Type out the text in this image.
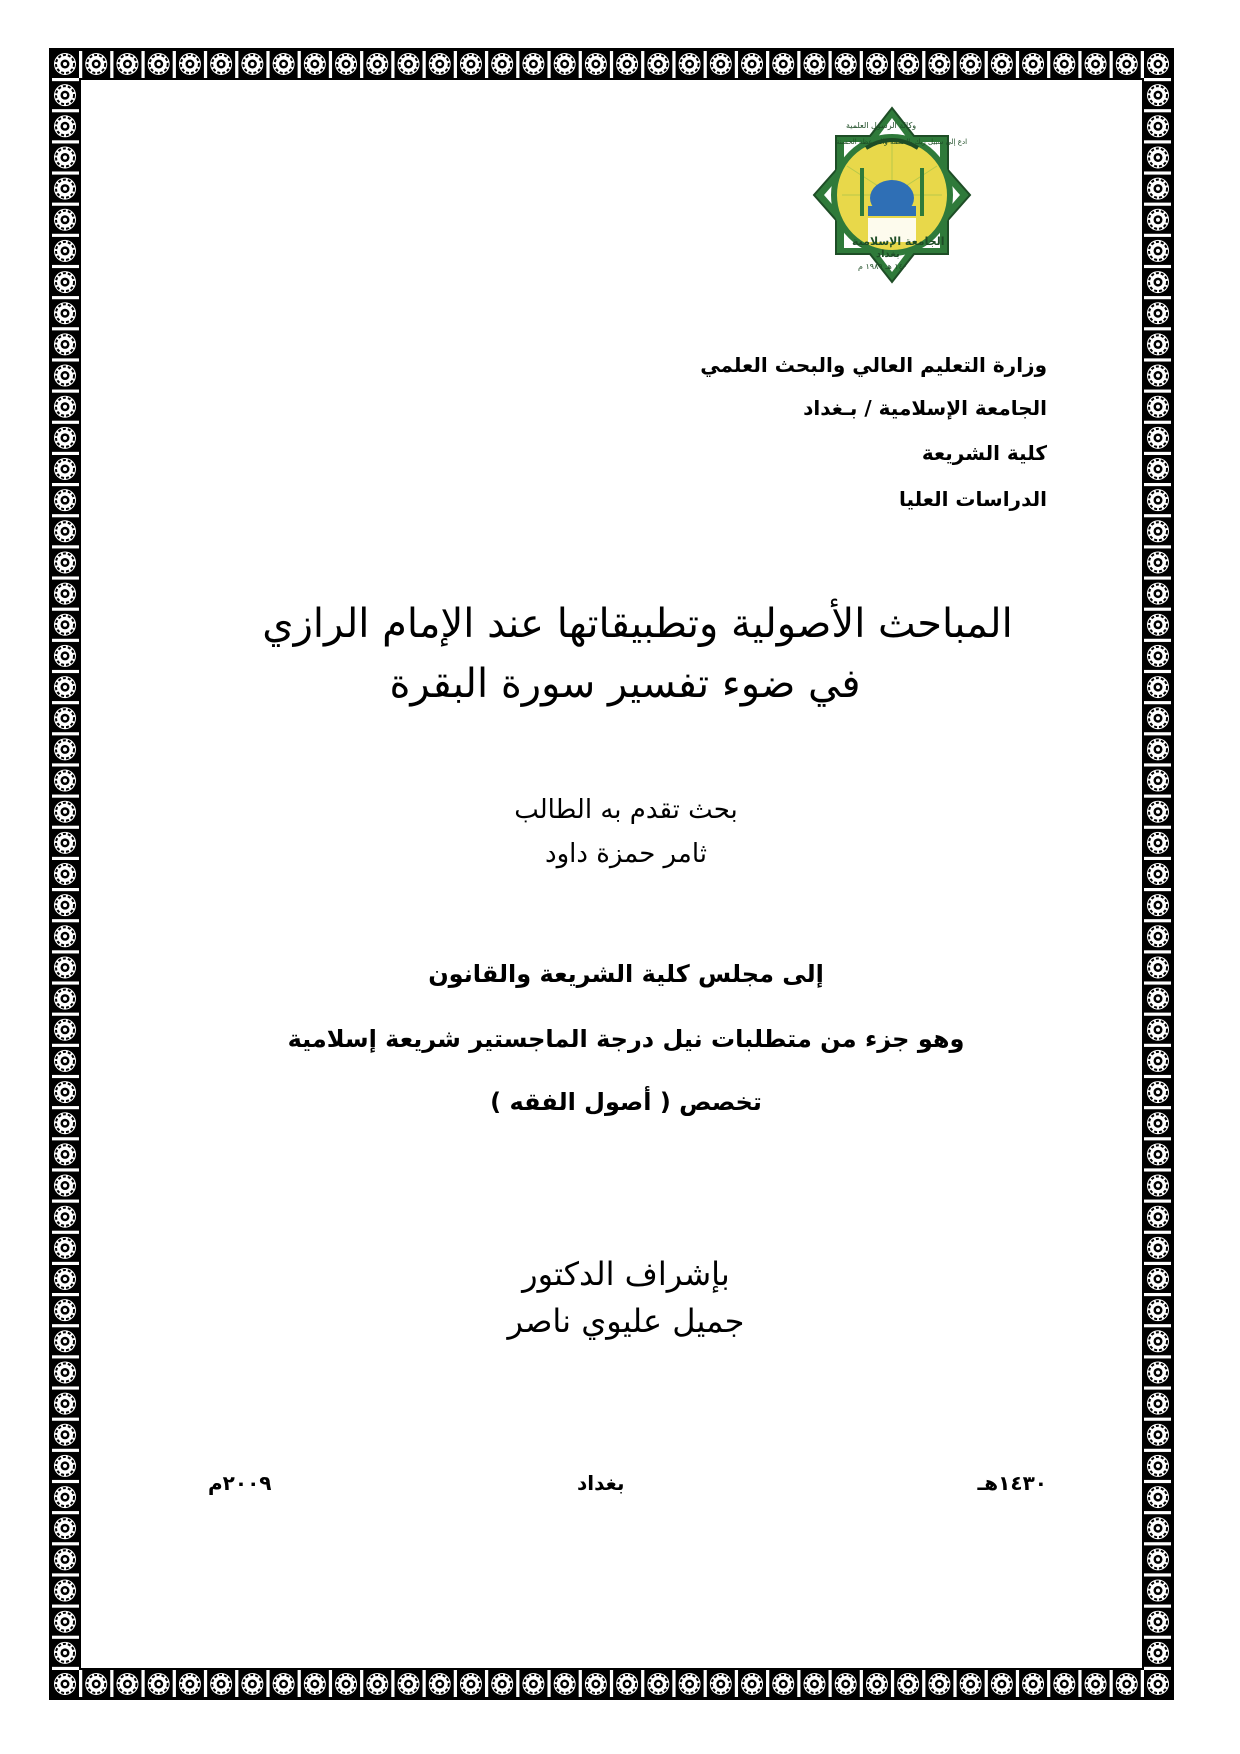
الجامعة الإسلامية
بغداد
١٤٠ هـ ١٩٨٩ م
وكالة الرسولِ العلمية
ادع إلى سبيل ربك بالحكمة والموعظة الحسنة
وزارة التعليم العالي والبحث العلمي
الجامعة الإسلامية / بـغداد
كلية الشريعة
الدراسات العليا
المباحث الأصولية وتطبيقاتها عند الإمام الرازي
في ضوء تفسير سورة البقرة
بحث تقدم به الطالب
ثامر حمزة داود
إلى مجلس كلية الشريعة والقانون
وهو جزء من متطلبات نيل درجة الماجستير شريعة إسلامية
تخصص ( أصول الفقه )
بإشراف الدكتور
جميل عليوي ناصر
١٤٣٠هـ
بغداد
٢٠٠٩م
